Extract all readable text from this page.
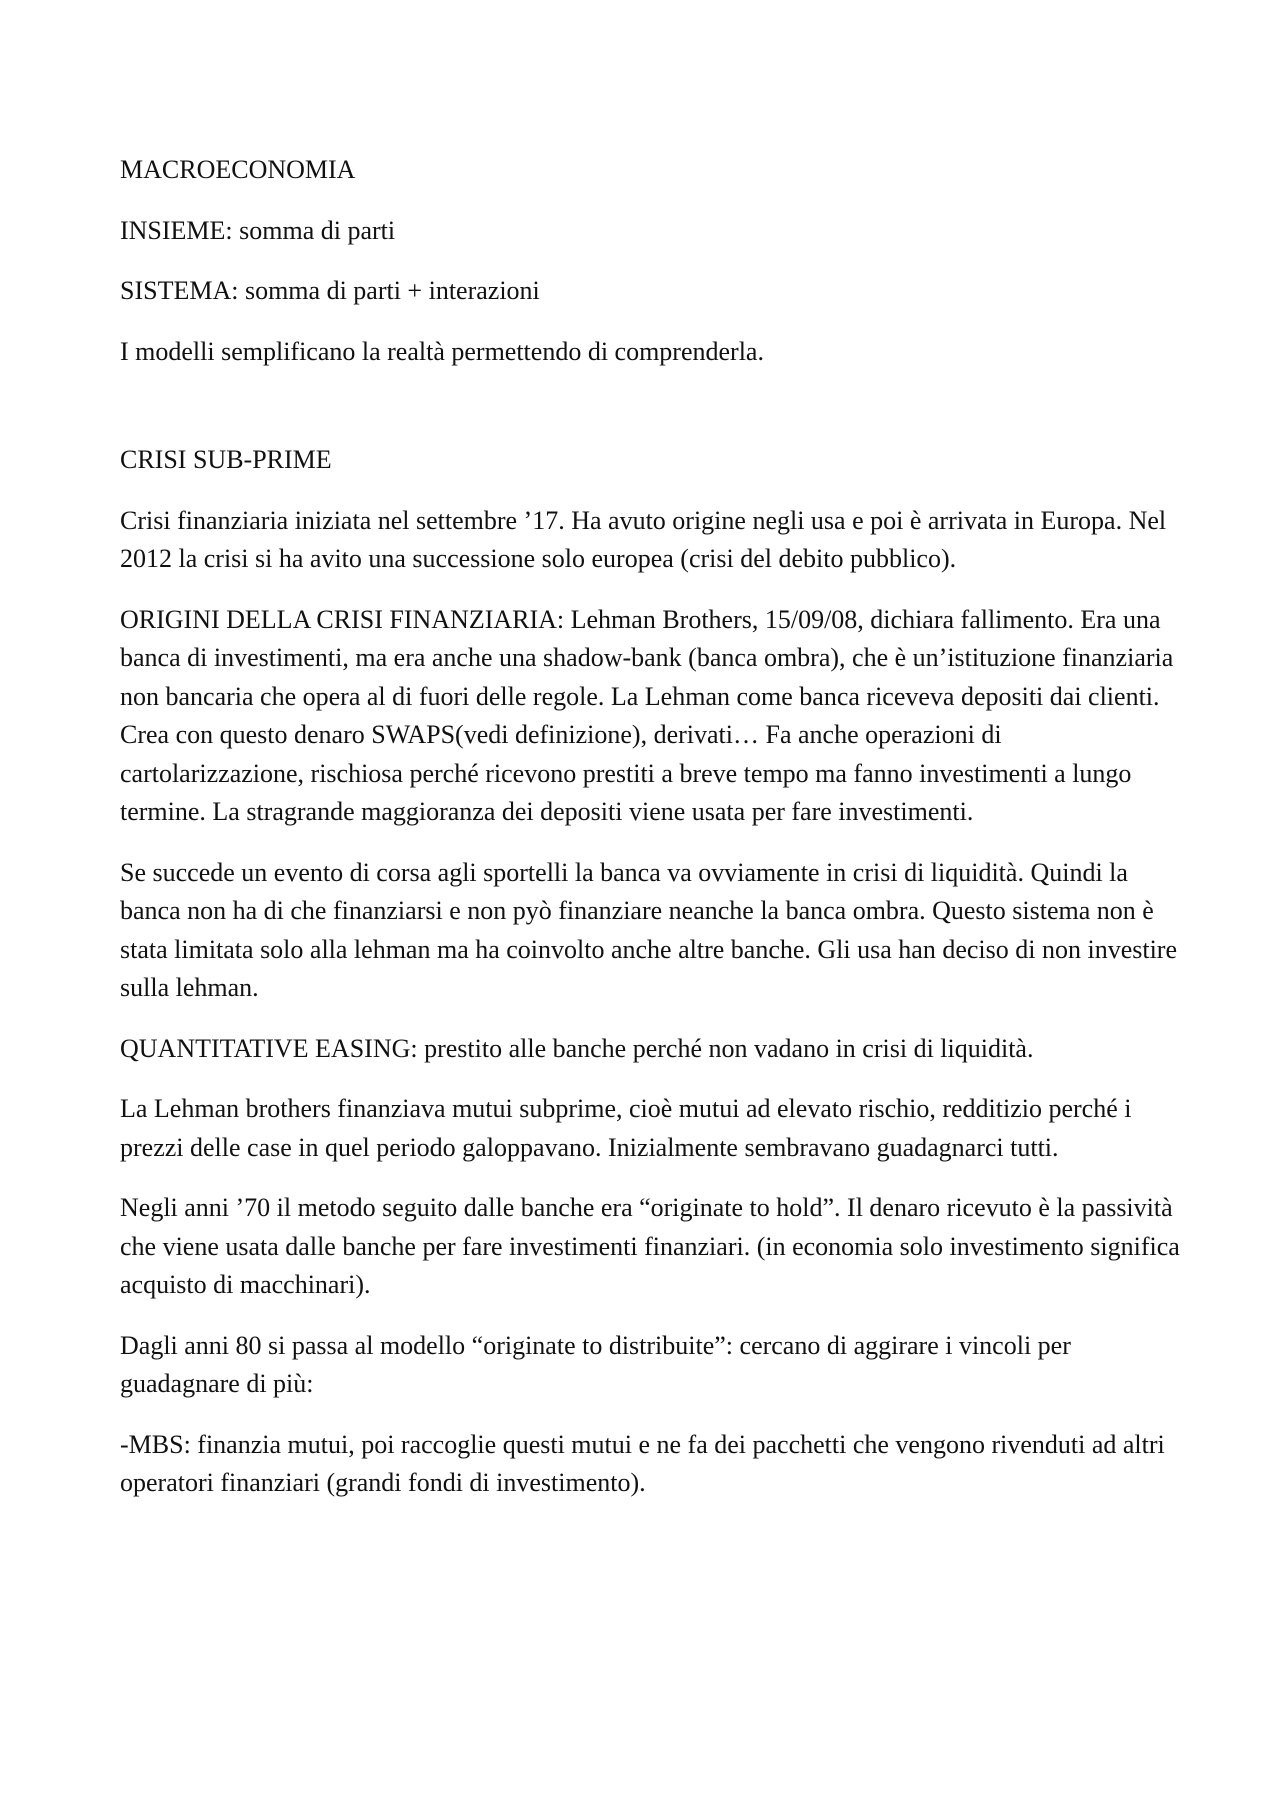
MACROECONOMIA

INSIEME: somma di parti

SISTEMA: somma di parti + interazioni

I modelli semplificano la realtà permettendo di comprenderla.

CRISI SUB-PRIME

Crisi finanziaria iniziata nel settembre ’17. Ha avuto origine negli usa e poi è arrivata in Europa. Nel 2012 la crisi si ha avito una successione solo europea (crisi del debito pubblico).

ORIGINI DELLA CRISI FINANZIARIA: Lehman Brothers, 15/09/08, dichiara fallimento. Era una banca di investimenti, ma era anche una shadow-bank (banca ombra), che è un’istituzione finanziaria non bancaria che opera al di fuori delle regole. La Lehman come banca riceveva depositi dai clienti. Crea con questo denaro SWAPS(vedi definizione), derivati… Fa anche operazioni di cartolarizzazione, rischiosa perché ricevono prestiti a breve tempo ma fanno investimenti a lungo termine. La stragrande maggioranza dei depositi viene usata per fare investimenti.

Se succede un evento di corsa agli sportelli la banca va ovviamente in crisi di liquidità. Quindi la banca non ha di che finanziarsi e non pyò finanziare neanche la banca ombra. Questo sistema non è stata limitata solo alla lehman ma ha coinvolto anche altre banche. Gli usa han deciso di non investire sulla lehman.

QUANTITATIVE EASING: prestito alle banche perché non vadano in crisi di liquidità.

La Lehman brothers finanziava mutui subprime, cioè mutui ad elevato rischio, redditizio perché i prezzi delle case in quel periodo galoppavano. Inizialmente sembravano guadagnarci tutti.

Negli anni ’70 il metodo seguito dalle banche era “originate to hold”. Il denaro ricevuto è la passività che viene usata dalle banche per fare investimenti finanziari. (in economia solo investimento significa acquisto di macchinari).

Dagli anni 80 si passa al modello “originate to distribuite”: cercano di aggirare i vincoli per guadagnare di più:

-MBS: finanzia mutui, poi raccoglie questi mutui e ne fa dei pacchetti che vengono rivenduti ad altri operatori finanziari (grandi fondi di investimento).
